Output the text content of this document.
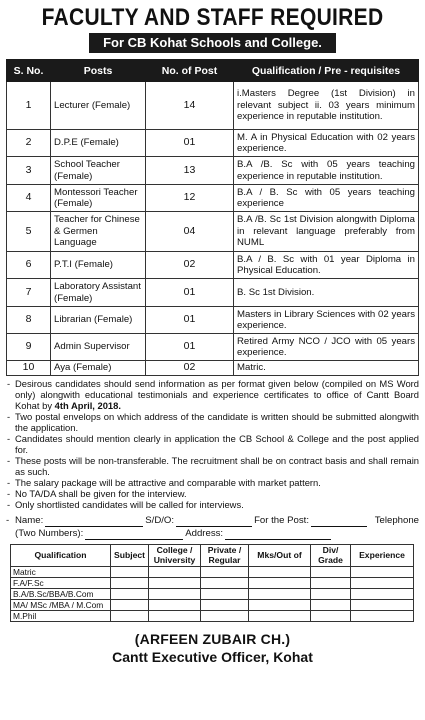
FACULTY AND STAFF REQUIRED
For CB Kohat Schools and College.
S. No.	Posts	No. of Post	Qualification / Pre - requisites
1	Lecturer (Female)	14	i.Masters Degree (1st Division) in relevant subject ii. 03 years minimum experience in reputable institution.
2	D.P.E (Female)	01	M. A in Physical Education with 02 years experience.
3	School Teacher (Female)	13	B.A /B. Sc with 05 years teaching experience in reputable institution.
4	Montessori Teacher (Female)	12	B.A / B. Sc with 05 years teaching experience
5	Teacher for Chinese & Germen Language	04	B.A /B. Sc 1st Division alongwith Diploma in relevant language preferably from NUML
6	P.T.I (Female)	02	B.A / B. Sc with 01 year Diploma in Physical Education.
7	Laboratory Assistant (Female)	01	B. Sc 1st Division.
8	Librarian (Female)	01	Masters in Library Sciences with 02 years experience.
9	Admin Supervisor	01	Retired Army NCO / JCO with 05 years experience.
10	Aya (Female)	02	Matric.
- Desirous candidates should send information as per format given below (compiled on MS Word only) alongwith educational testimonials and experience certificates to office of Cantt Board Kohat by 4th April, 2018.
- Two postal envelops on which address of the candidate is written should be submitted alongwith the application.
- Candidates should mention clearly in application the CB School & College and the post applied for.
- These posts will be non-transferable. The recruitment shall be on contract basis and shall remain as such.
- The salary package will be attractive and comparable with market pattern.
- No TA/DA shall be given for the interview.
- Only shortlisted candidates will be called for interviews.
- Name:	S/D/O:	For the Post:	Telephone
(Two Numbers):	Address:
Qualification	Subject	College / University	Private / Regular	Mks/Out of	Div/ Grade	Experience
Matric						
F.A/F.Sc						
B.A/B.Sc/BBA/B.Com						
MA/ MSc /MBA / M.Com						
M.Phil						
(ARFEEN ZUBAIR CH.)
Cantt Executive Officer, Kohat
